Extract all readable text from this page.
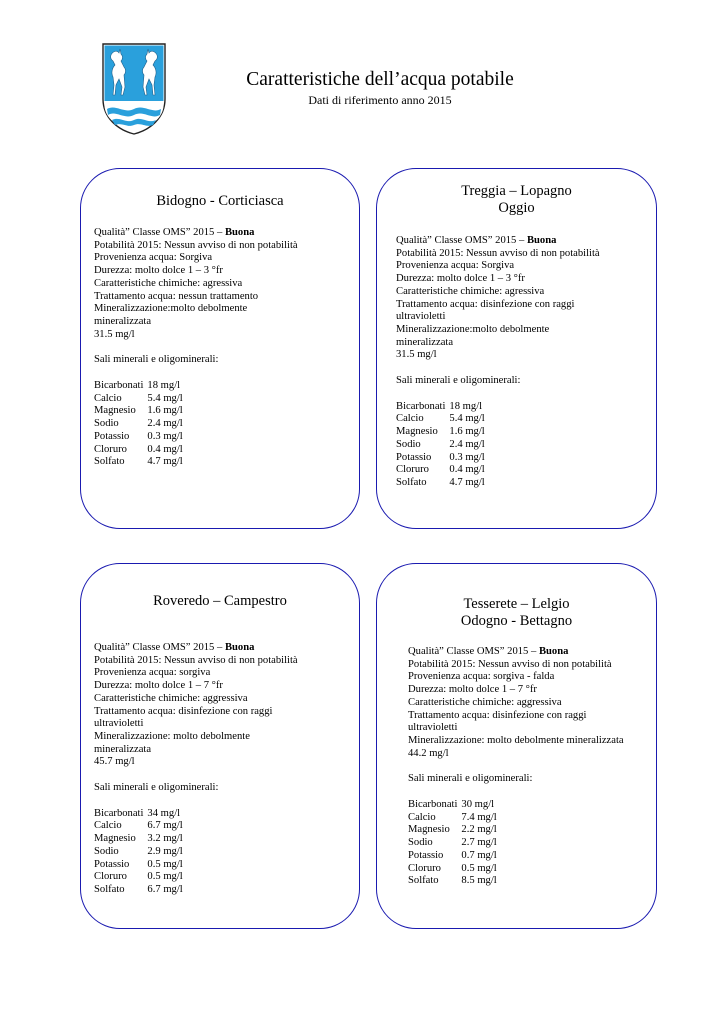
Caratteristiche dell’acqua potabile
Dati di riferimento anno 2015
Bidogno - Corticiasca

Qualità” Classe OMS” 2015 – Buona

Potabilità 2015: Nessun avviso di non potabilità

Provenienza acqua: Sorgiva

Durezza: molto dolce 1 – 3 °fr

Caratteristiche chimiche: agressiva

Trattamento acqua: nessun trattamento

Mineralizzazione:molto debolmente mineralizzata

31.5 mg/l

Sali minerali e oligominerali:

Bicarbonati	18 mg/l
Calcio	5.4 mg/l
Magnesio	1.6 mg/l
Sodio	2.4 mg/l
Potassio	0.3 mg/l
Cloruro	0.4 mg/l
Solfato	4.7 mg/l
Treggia – Lopagno
Oggio

Qualità” Classe OMS” 2015 – Buona

Potabilità 2015: Nessun avviso di non potabilità

Provenienza acqua: Sorgiva

Durezza: molto dolce 1 – 3 °fr

Caratteristiche chimiche: agressiva

Trattamento acqua: disinfezione con raggi ultravioletti

Mineralizzazione:molto debolmente mineralizzata

31.5 mg/l

Sali minerali e oligominerali:

Bicarbonati	18 mg/l
Calcio	5.4 mg/l
Magnesio	1.6 mg/l
Sodio	2.4 mg/l
Potassio	0.3 mg/l
Cloruro	0.4 mg/l
Solfato	4.7 mg/l
Roveredo – Campestro

Qualità” Classe OMS” 2015 – Buona

Potabilità 2015: Nessun avviso di non potabilità

Provenienza acqua: sorgiva

Durezza: molto dolce 1 – 7 °fr

Caratteristiche chimiche: aggressiva

Trattamento acqua: disinfezione con raggi ultravioletti

Mineralizzazione: molto debolmente mineralizzata

45.7 mg/l

Sali minerali e oligominerali:

Bicarbonati	34 mg/l
Calcio	6.7 mg/l
Magnesio	3.2 mg/l
Sodio	2.9 mg/l
Potassio	0.5 mg/l
Cloruro	0.5 mg/l
Solfato	6.7 mg/l
Tesserete – Lelgio
Odogno - Bettagno

Qualità” Classe OMS” 2015 – Buona

Potabilità 2015: Nessun avviso di non potabilità

Provenienza acqua: sorgiva - falda

Durezza: molto dolce 1 – 7 °fr

Caratteristiche chimiche: aggressiva

Trattamento acqua: disinfezione con raggi ultravioletti

Mineralizzazione: molto debolmente mineralizzata

44.2 mg/l

Sali minerali e oligominerali:

Bicarbonati	30 mg/l
Calcio	7.4 mg/l
Magnesio	2.2 mg/l
Sodio	2.7 mg/l
Potassio	0.7 mg/l
Cloruro	0.5 mg/l
Solfato	8.5 mg/l
